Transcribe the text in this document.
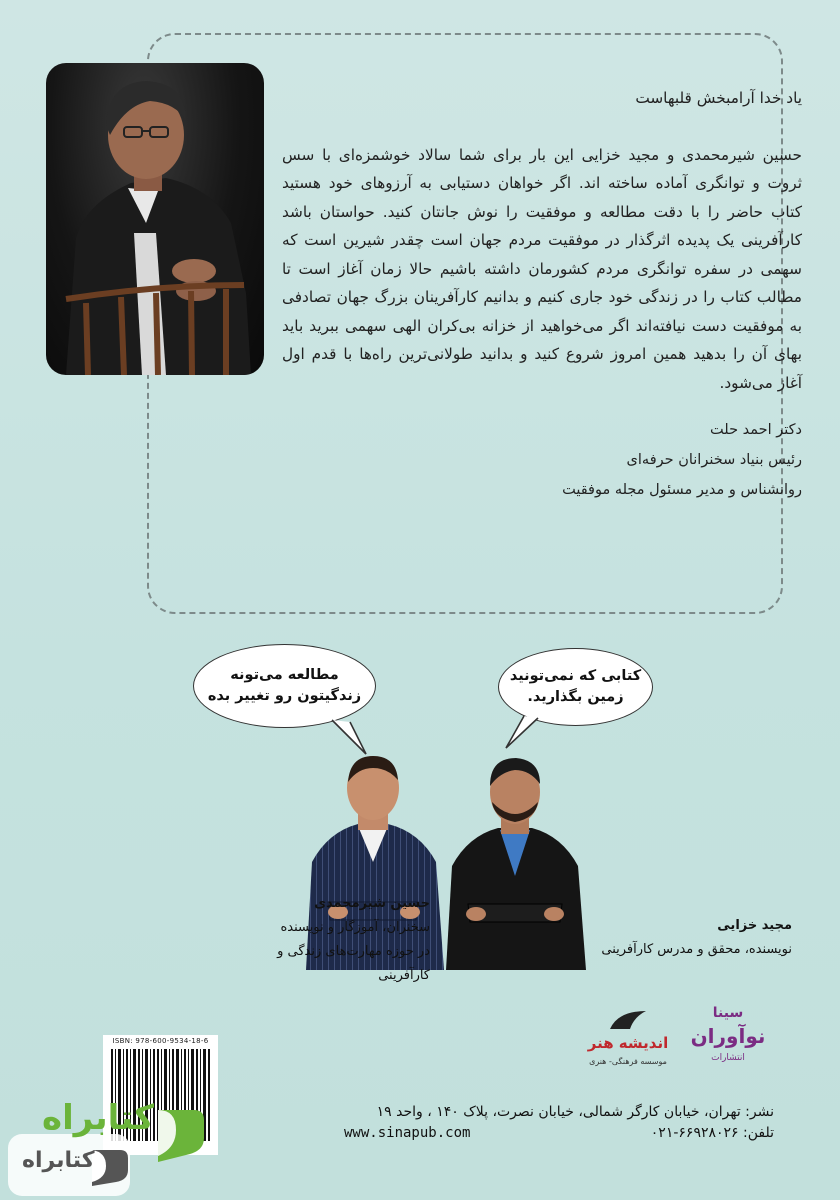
یاد خدا آرامبخش قلبهاست

حسین شیرمحمدی و مجید خزایی این بار برای شما سالاد خوشمزه‌ای با سس ثروت و توانگری آماده ساخته اند. اگر خواهان دستیابی به آرزوهای خود هستید کتاب حاضر را با دقت مطالعه و موفقیت را نوش جانتان کنید. حواستان باشد کارآفرینی یک پدیده اثرگذار در موفقیت مردم جهان است چقدر شیرین است که سهمی در سفره توانگری مردم کشورمان داشته باشیم حالا زمان آغاز است تا مطالب کتاب را در زندگی خود جاری کنیم و بدانیم کارآفرینان بزرگ جهان تصادفی به موفقیت دست نیافته‌اند اگر می‌خواهید از خزانه بی‌کران الهی سهمی ببرید باید بهای آن را بدهید همین امروز شروع کنید و بدانید طولانی‌ترین راه‌ها با قدم اول آغاز می‌شود.

دکتر احمد حلت
رئیس بنیاد سخنرانان حرفه‌ای
روانشناس و مدیر مسئول مجله موفقیت
مطالعه می‌تونه
زندگیتون رو تغییر بده
کتابی که نمی‌تونید
زمین بگذارید.
حسین شیرمحمدی
سخنران، آموزگار و نویسنده
در حوزه مهارت‌های زندگی و کارآفرینی
مجید خزایی
نویسنده، محقق و مدرس کارآفرینی
سینا
نوآوران
انتشارات
اندیشه هنر
موسسه فرهنگی- هنری
نشر: تهران، خیابان کارگر شمالی، خیابان نصرت، پلاک ۱۴۰ ، واحد ۱۹
تلفن: ۶۶۹۲۸۰۲۶-۰۲۱
www.sinapub.com
ISBN: 978-600-9534-18-6
کتابراه
کتابراه
